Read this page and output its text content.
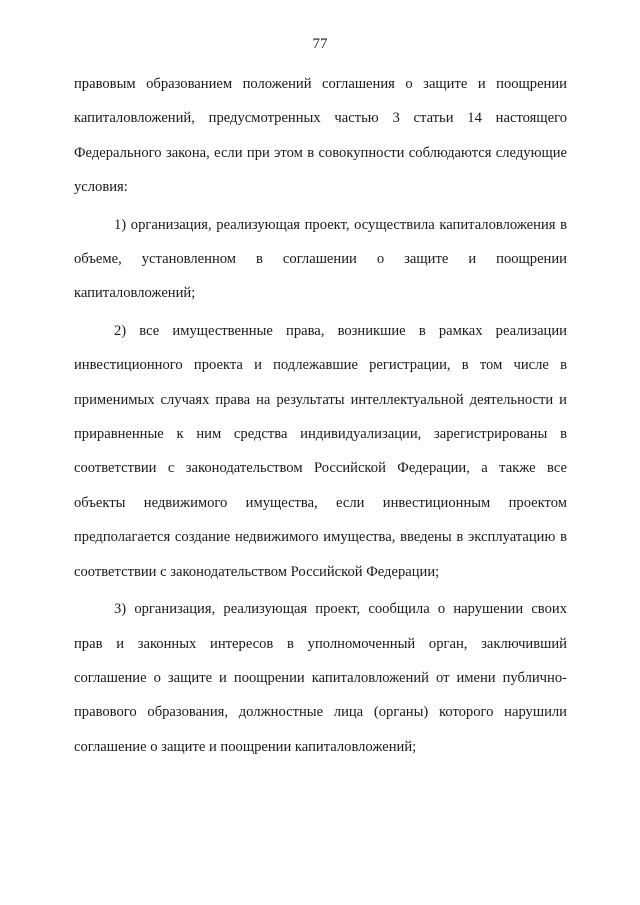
77

правовым образованием положений соглашения о защите и поощрении капиталовложений, предусмотренных частью 3 статьи 14 настоящего Федерального закона, если при этом в совокупности соблюдаются следующие условия:

1) организация, реализующая проект, осуществила капиталовложения в объеме, установленном в соглашении о защите и поощрении капиталовложений;

2) все имущественные права, возникшие в рамках реализации инвестиционного проекта и подлежавшие регистрации, в том числе в применимых случаях права на результаты интеллектуальной деятельности и приравненные к ним средства индивидуализации, зарегистрированы в соответствии с законодательством Российской Федерации, а также все объекты недвижимого имущества, если инвестиционным проектом предполагается создание недвижимого имущества, введены в эксплуатацию в соответствии с законодательством Российской Федерации;

3) организация, реализующая проект, сообщила о нарушении своих прав и законных интересов в уполномоченный орган, заключивший соглашение о защите и поощрении капиталовложений от имени публично-правового образования, должностные лица (органы) которого нарушили соглашение о защите и поощрении капиталовложений;
